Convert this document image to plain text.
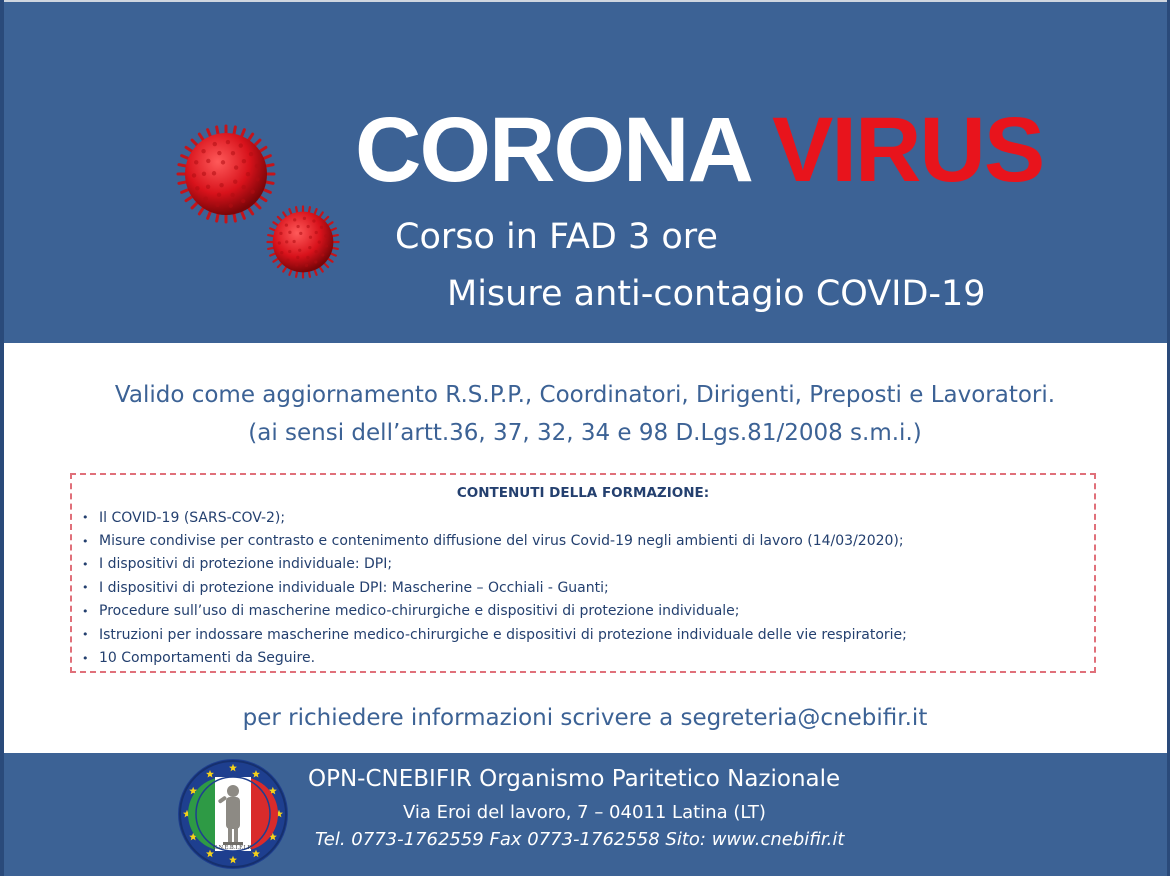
CORONA VIRUS
Corso in FAD 3 ore
Misure anti-contagio COVID-19
Valido come aggiornamento R.S.P.P., Coordinatori, Dirigenti, Preposti e Lavoratori.
(ai sensi dell’artt.36, 37, 32, 34 e 98 D.Lgs.81/2008 s.m.i.)
CONTENUTI DELLA FORMAZIONE:
• Il COVID-19 (SARS-COV-2);
• Misure condivise per contrasto e contenimento diffusione del virus Covid-19 negli ambienti di lavoro (14/03/2020);
• I dispositivi di protezione individuale: DPI;
• I dispositivi di protezione individuale DPI: Mascherine – Occhiali - Guanti;
• Procedure sull’uso di mascherine medico-chirurgiche e dispositivi di protezione individuale;
• Istruzioni per indossare mascherine medico-chirurgiche e dispositivi di protezione individuale delle vie respiratorie;
• 10 Comportamenti da Seguire.
per richiedere informazioni scrivere a segreteria@cnebifir.it
C.N.E.B.I.F.I.R.
OPN-CNEBIFIR Organismo Paritetico Nazionale
Via Eroi del lavoro, 7 – 04011 Latina (LT)
Tel. 0773-1762559 Fax 0773-1762558 Sito: www.cnebifir.it
